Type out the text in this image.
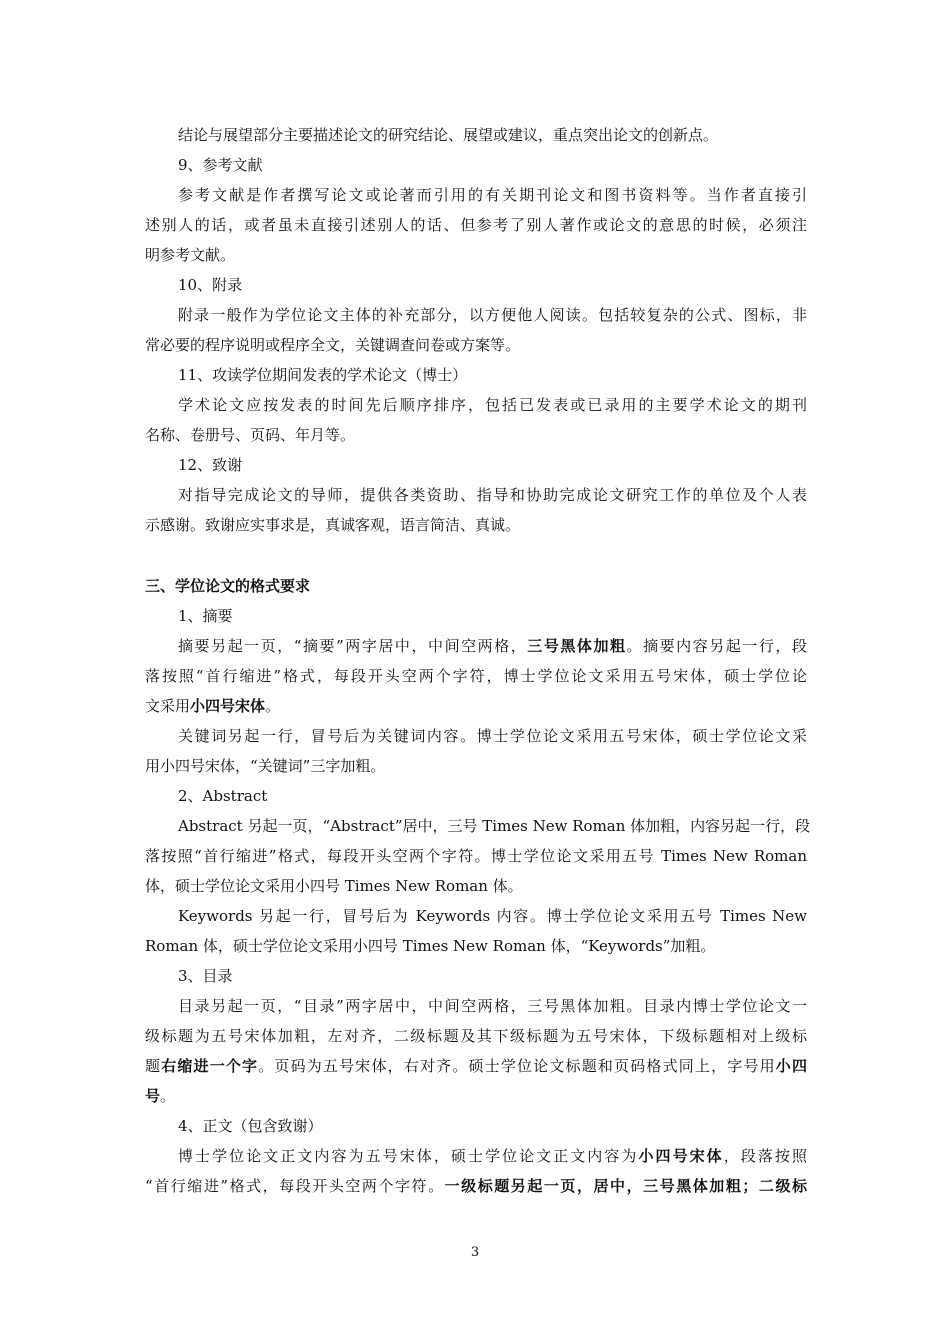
结论与展望部分主要描述论文的研究结论、展望或建议，重点突出论文的创新点。
9、参考文献
参考文献是作者撰写论文或论著而引用的有关期刊论文和图书资料等。当作者直接引
述别人的话，或者虽未直接引述别人的话、但参考了别人著作或论文的意思的时候，必须注
明参考文献。
10、附录
附录一般作为学位论文主体的补充部分，以方便他人阅读。包括较复杂的公式、图标，非
常必要的程序说明或程序全文，关键调查问卷或方案等。
11、攻读学位期间发表的学术论文（博士）
学术论文应按发表的时间先后顺序排序，包括已发表或已录用的主要学术论文的期刊
名称、卷册号、页码、年月等。
12、致谢
对指导完成论文的导师，提供各类资助、指导和协助完成论文研究工作的单位及个人表
示感谢。致谢应实事求是，真诚客观，语言简洁、真诚。
三、学位论文的格式要求
1、摘要
摘要另起一页，“摘要”两字居中，中间空两格，三号黑体加粗。摘要内容另起一行，段
落按照“首行缩进”格式，每段开头空两个字符，博士学位论文采用五号宋体，硕士学位论
文采用小四号宋体。
关键词另起一行，冒号后为关键词内容。博士学位论文采用五号宋体，硕士学位论文采
用小四号宋体，“关键词”三字加粗。
2、Abstract
Abstract 另起一页，“Abstract”居中，三号 Times New Roman 体加粗，内容另起一行，段
落按照“首行缩进”格式，每段开头空两个字符。博士学位论文采用五号 Times New Roman
体，硕士学位论文采用小四号 Times New Roman 体。
Keywords 另起一行，冒号后为 Keywords 内容。博士学位论文采用五号 Times New
Roman 体，硕士学位论文采用小四号 Times New Roman 体，“Keywords”加粗。
3、目录
目录另起一页，“目录”两字居中，中间空两格，三号黑体加粗。目录内博士学位论文一
级标题为五号宋体加粗，左对齐，二级标题及其下级标题为五号宋体，下级标题相对上级标
题右缩进一个字。页码为五号宋体，右对齐。硕士学位论文标题和页码格式同上，字号用小四
号。
4、正文（包含致谢）
博士学位论文正文内容为五号宋体，硕士学位论文正文内容为小四号宋体，段落按照
“首行缩进”格式，每段开头空两个字符。一级标题另起一页，居中，三号黑体加粗；二级标
3
